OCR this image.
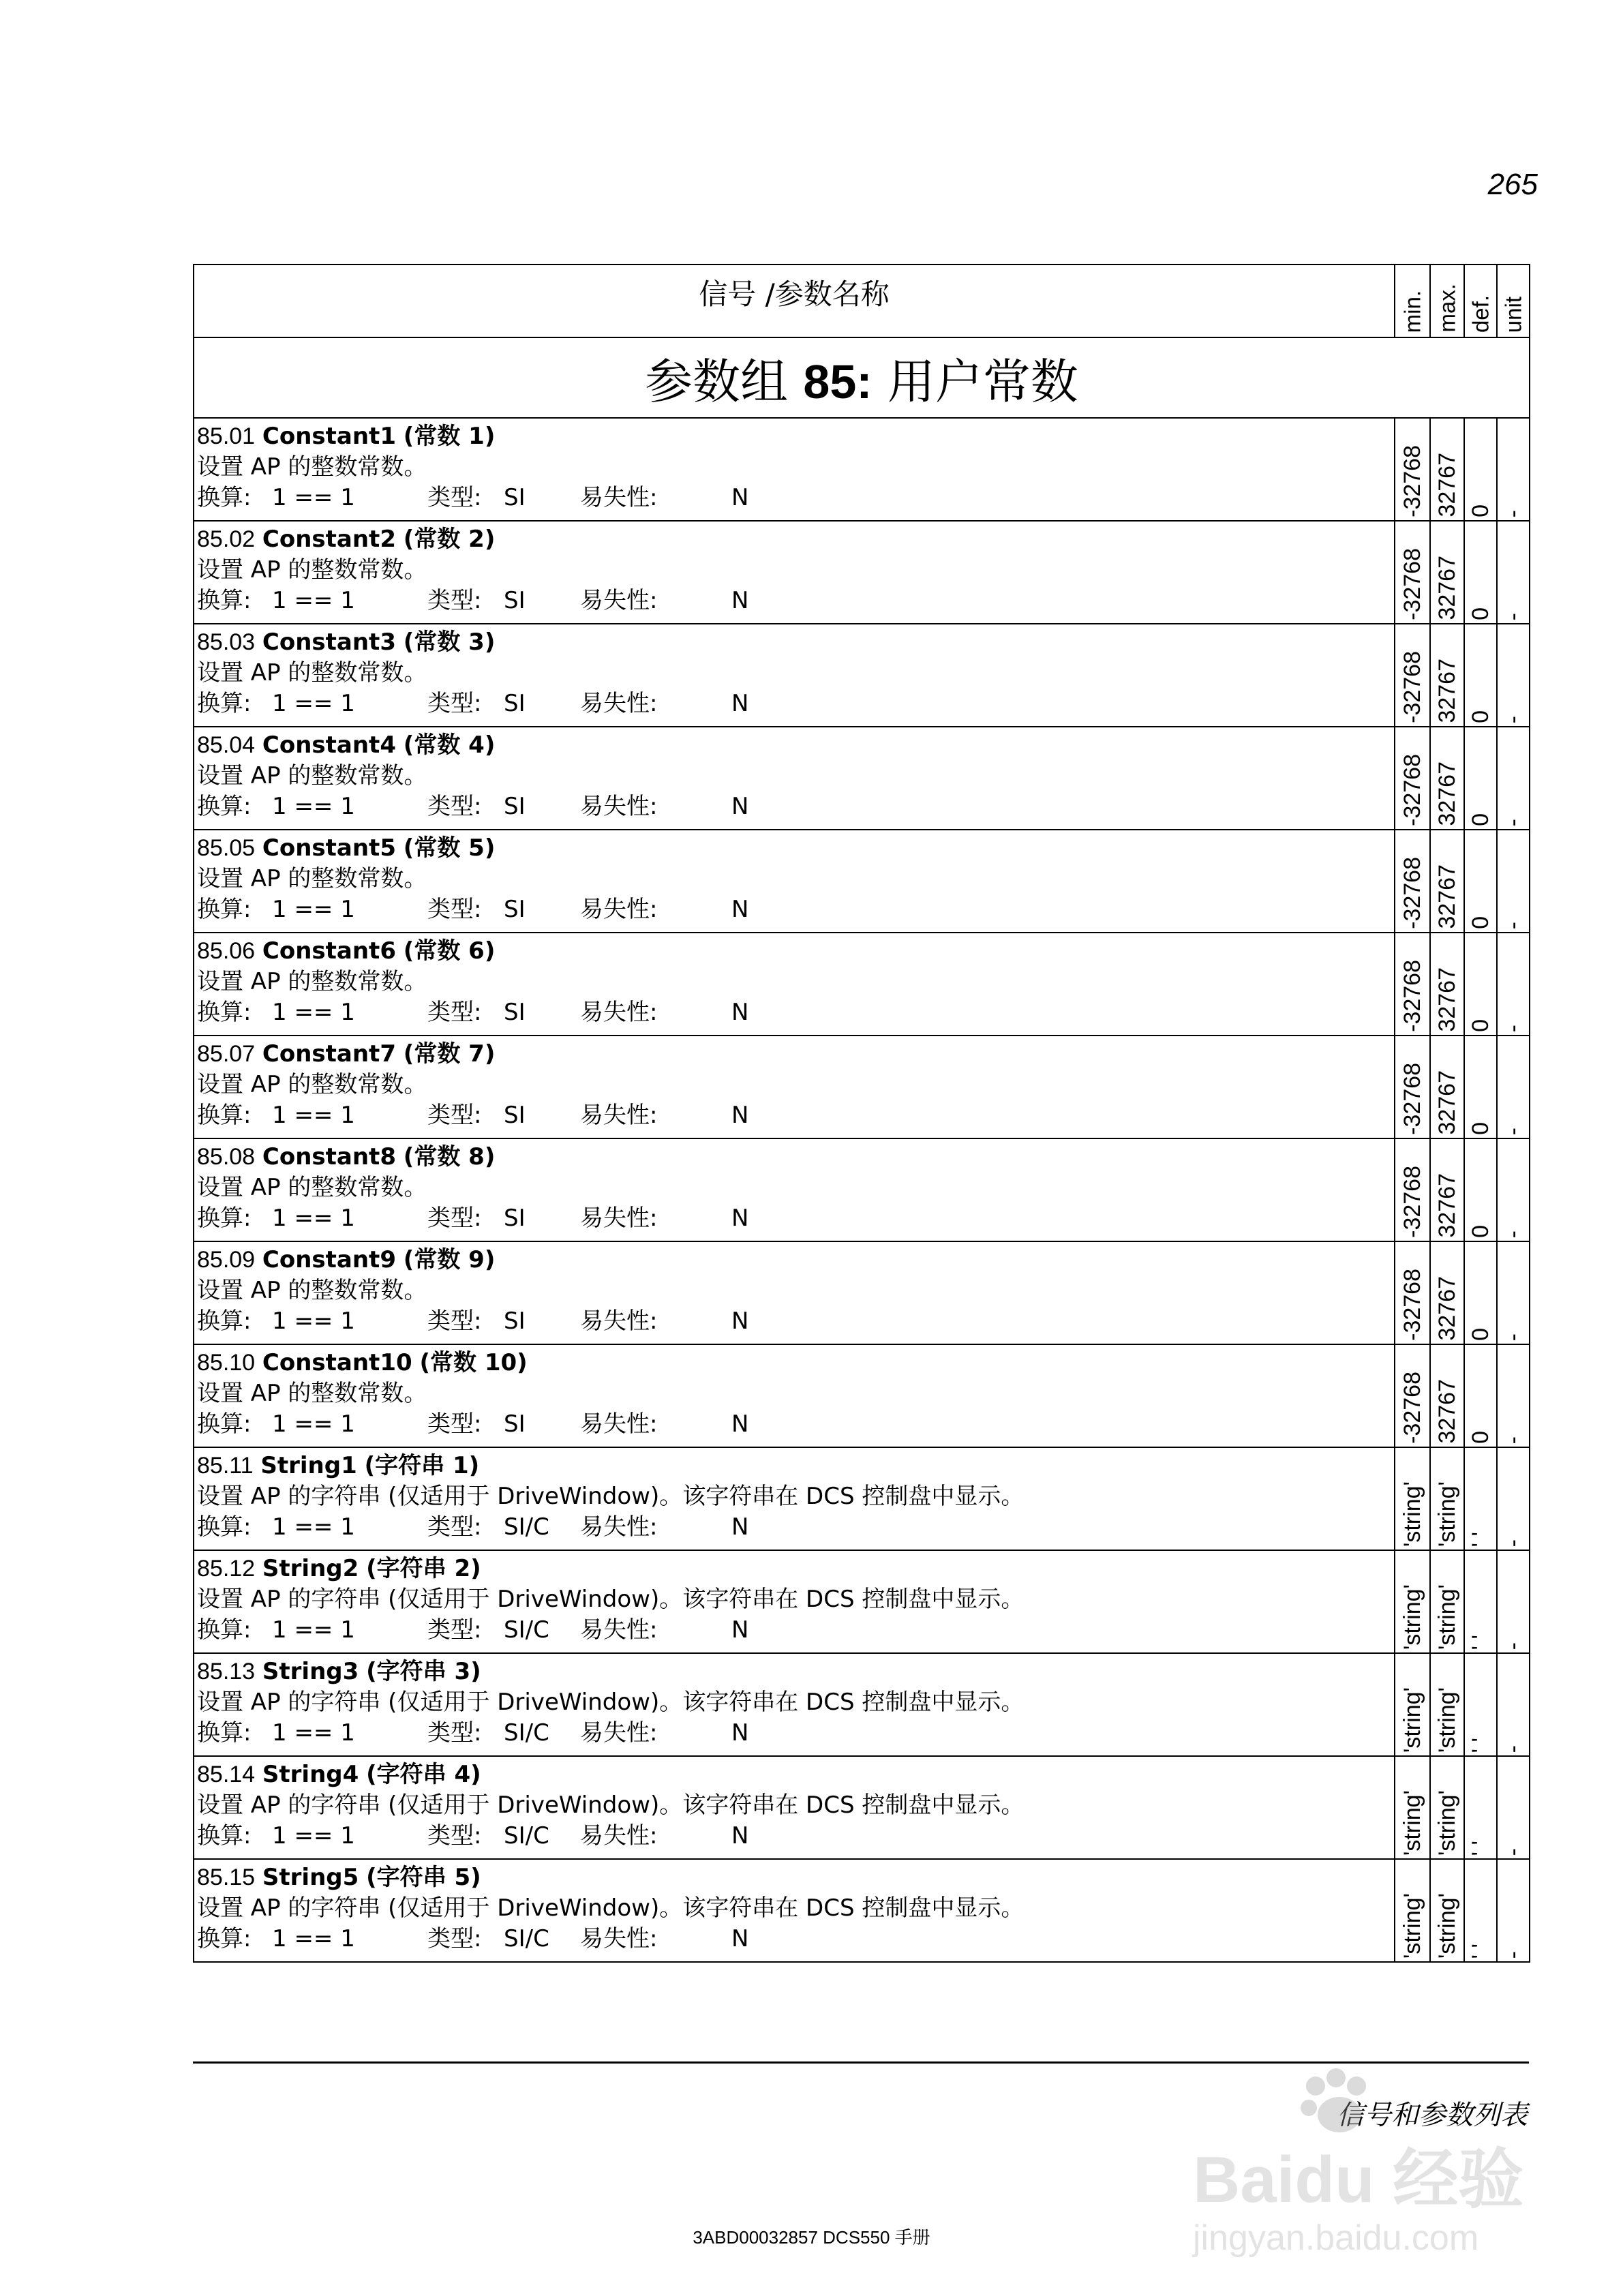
265
信号 /参数名称	min.	max.	def.	unit

参数组 85: 用户常数				

85.01 Constant1 (常数 1)
设置 AP 的整数常数。
换算: 1 == 1 类型: SI 易失性: N	-32768	32767	0	-

85.02 Constant2 (常数 2)
设置 AP 的整数常数。
换算: 1 == 1 类型: SI 易失性: N	-32768	32767	0	-

85.03 Constant3 (常数 3)
设置 AP 的整数常数。
换算: 1 == 1 类型: SI 易失性: N	-32768	32767	0	-

85.04 Constant4 (常数 4)
设置 AP 的整数常数。
换算: 1 == 1 类型: SI 易失性: N	-32768	32767	0	-

85.05 Constant5 (常数 5)
设置 AP 的整数常数。
换算: 1 == 1 类型: SI 易失性: N	-32768	32767	0	-

85.06 Constant6 (常数 6)
设置 AP 的整数常数。
换算: 1 == 1 类型: SI 易失性: N	-32768	32767	0	-

85.07 Constant7 (常数 7)
设置 AP 的整数常数。
换算: 1 == 1 类型: SI 易失性: N	-32768	32767	0	-

85.08 Constant8 (常数 8)
设置 AP 的整数常数。
换算: 1 == 1 类型: SI 易失性: N	-32768	32767	0	-

85.09 Constant9 (常数 9)
设置 AP 的整数常数。
换算: 1 == 1 类型: SI 易失性: N	-32768	32767	0	-

85.10 Constant10 (常数 10)
设置 AP 的整数常数。
换算: 1 == 1 类型: SI 易失性: N	-32768	32767	0	-

85.11 String1 (字符串 1)
设置 AP 的字符串 (仅适用于 DriveWindow)。该字符串在 DCS 控制盘中显示。
换算: 1 == 1 类型: SI/C 易失性: N	'string'	'string'	' '	-

85.12 String2 (字符串 2)
设置 AP 的字符串 (仅适用于 DriveWindow)。该字符串在 DCS 控制盘中显示。
换算: 1 == 1 类型: SI/C 易失性: N	'string'	'string'	' '	-

85.13 String3 (字符串 3)
设置 AP 的字符串 (仅适用于 DriveWindow)。该字符串在 DCS 控制盘中显示。
换算: 1 == 1 类型: SI/C 易失性: N	'string'	'string'	' '	-

85.14 String4 (字符串 4)
设置 AP 的字符串 (仅适用于 DriveWindow)。该字符串在 DCS 控制盘中显示。
换算: 1 == 1 类型: SI/C 易失性: N	'string'	'string'	' '	-

85.15 String5 (字符串 5)
设置 AP 的字符串 (仅适用于 DriveWindow)。该字符串在 DCS 控制盘中显示。
换算: 1 == 1 类型: SI/C 易失性: N	'string'	'string'	' '	-
信号和参数列表
3ABD00032857 DCS550 手册
Baidu 经验
jingyan.baidu.com
